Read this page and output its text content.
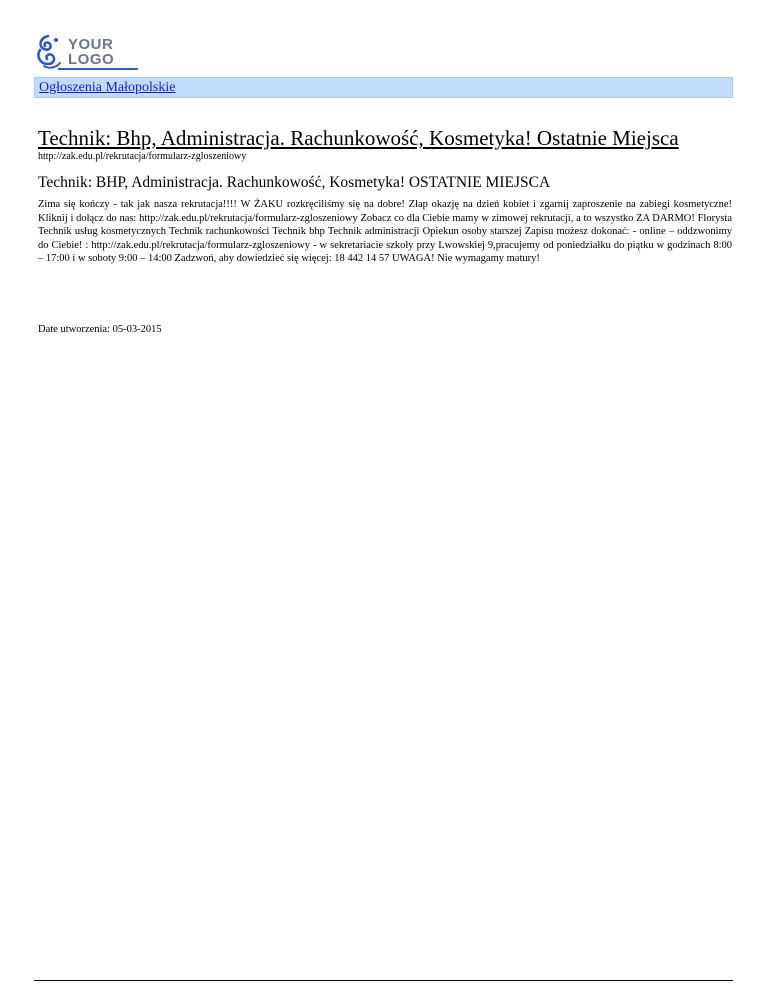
YOUR
LOGO
Ogłoszenia Małopolskie
Technik: Bhp, Administracja. Rachunkowość, Kosmetyka! Ostatnie Miejsca
http://zak.edu.pl/rekrutacja/formularz-zgloszeniowy
Technik: BHP, Administracja. Rachunkowość, Kosmetyka! OSTATNIE MIEJSCA

Zima się kończy - tak jak nasza rekrutacja!!!! W ŻAKU rozkręciliśmy się na dobre! Złap okazję na dzień kobiet i zgarnij zaproszenie na zabiegi kosmetyczne! Kliknij i dołącz do nas: http://zak.edu.pl/rekrutacja/formularz-zgloszeniowy Zobacz co dla Ciebie mamy w zimowej rekrutacji, a to wszystko ZA DARMO! Florysta Technik usług kosmetycznych Technik rachunkowości Technik bhp Technik administracji Opiekun osoby starszej Zapisu możesz dokonać: - online – oddzwonimy do Ciebie! : http://zak.edu.pl/rekrutacja/formularz-zgloszeniowy - w sekretariacie szkoły przy Lwowskiej 9,pracujemy od poniedziałku do piątku w godzinach 8:00 – 17:00 i w soboty 9:00 – 14:00 Zadzwoń, aby dowiedzieć się więcej: 18 442 14 57 UWAGA! Nie wymagamy matury!

Date utworzenia: 05-03-2015
